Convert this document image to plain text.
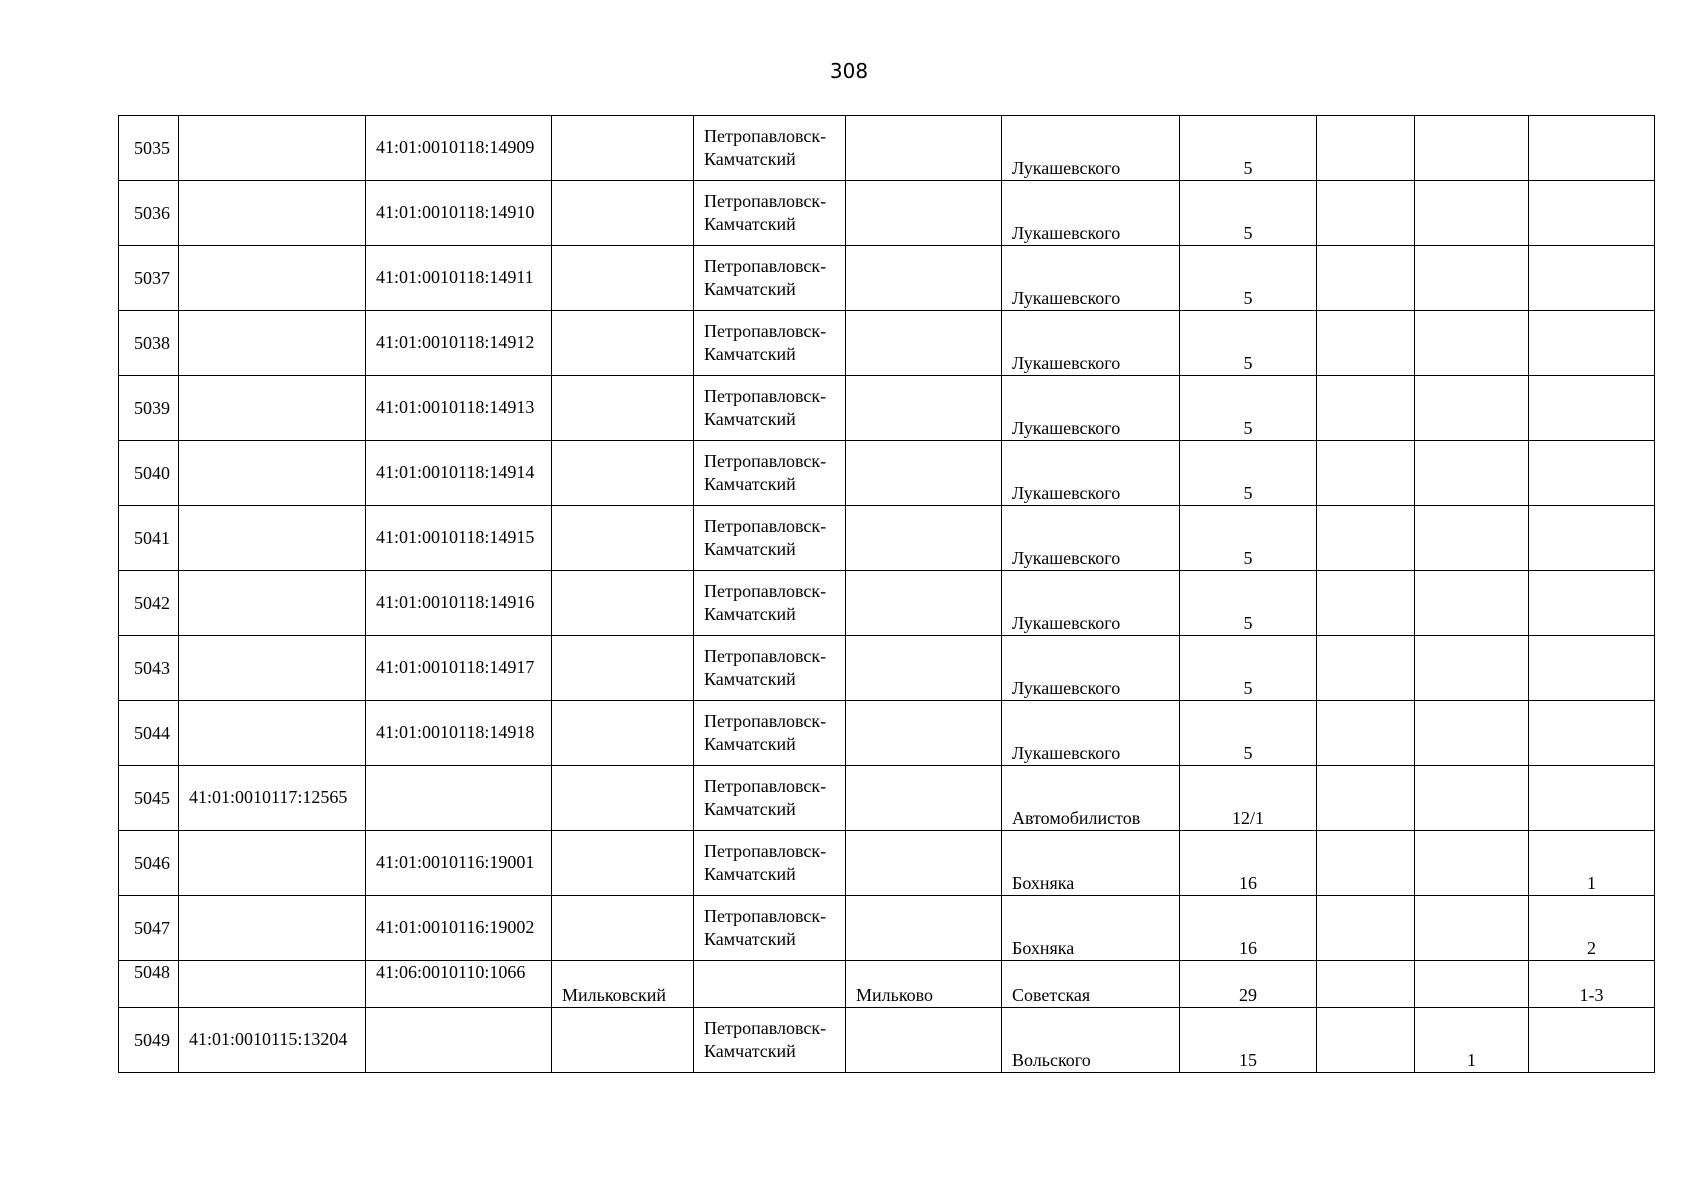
308
5035		41:01:0010118:14909		Петропавловск-Камчатский		Лукашевского	5			
5036		41:01:0010118:14910		Петропавловск-Камчатский		Лукашевского	5			
5037		41:01:0010118:14911		Петропавловск-Камчатский		Лукашевского	5			
5038		41:01:0010118:14912		Петропавловск-Камчатский		Лукашевского	5			
5039		41:01:0010118:14913		Петропавловск-Камчатский		Лукашевского	5			
5040		41:01:0010118:14914		Петропавловск-Камчатский		Лукашевского	5			
5041		41:01:0010118:14915		Петропавловск-Камчатский		Лукашевского	5			
5042		41:01:0010118:14916		Петропавловск-Камчатский		Лукашевского	5			
5043		41:01:0010118:14917		Петропавловск-Камчатский		Лукашевского	5			
5044		41:01:0010118:14918		Петропавловск-Камчатский		Лукашевского	5			
5045	41:01:0010117:12565			Петропавловск-Камчатский		Автомобилистов	12/1			
5046		41:01:0010116:19001		Петропавловск-Камчатский		Бохняка	16			1
5047		41:01:0010116:19002		Петропавловск-Камчатский		Бохняка	16			2
5048		41:06:0010110:1066	Мильковский		Мильково	Советская	29			1-3
5049	41:01:0010115:13204			Петропавловск-Камчатский		Вольского	15		1	
